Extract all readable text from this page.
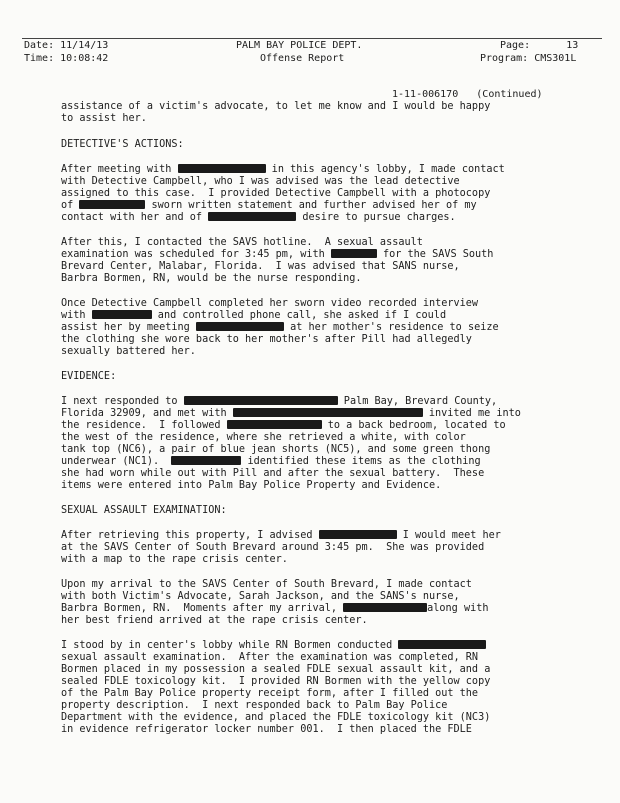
Date: 11/14/13
Time: 10:08:42
PALM BAY POLICE DEPT.
Offense Report
Page:	13
Program: CMS301L
1-11-006170   (Continued)
assistance of a victim's advocate, to let me know and I would be happy
to assist her.
DETECTIVE'S ACTIONS:
After meeting with	in this agency's lobby, I made contact
with Detective Campbell, who I was advised was the lead detective
assigned to this case.  I provided Detective Campbell with a photocopy
of	sworn written statement and further advised her of my
contact with her and of	desire to pursue charges.
After this, I contacted the SAVS hotline.  A sexual assault
examination was scheduled for 3:45 pm, with	for the SAVS South
Brevard Center, Malabar, Florida.  I was advised that SANS nurse,
Barbra Bormen, RN, would be the nurse responding.
Once Detective Campbell completed her sworn video recorded interview
with	and controlled phone call, she asked if I could
assist her by meeting	at her mother's residence to seize
the clothing she wore back to her mother's after Pill had allegedly
sexually battered her.
EVIDENCE:
I next responded to	Palm Bay, Brevard County,
Florida 32909, and met with	invited me into
the residence.  I followed	to a back bedroom, located to
the west of the residence, where she retrieved a white, with color
tank top (NC6), a pair of blue jean shorts (NC5), and some green thong
underwear (NC1).	identified these items as the clothing
she had worn while out with Pill and after the sexual battery.  These
items were entered into Palm Bay Police Property and Evidence.
SEXUAL ASSAULT EXAMINATION:
After retrieving this property, I advised	I would meet her
at the SAVS Center of South Brevard around 3:45 pm.  She was provided
with a map to the rape crisis center.
Upon my arrival to the SAVS Center of South Brevard, I made contact
with both Victim's Advocate, Sarah Jackson, and the SANS's nurse,
Barbra Bormen, RN.  Moments after my arrival,	along with
her best friend arrived at the rape crisis center.
I stood by in center's lobby while RN Bormen conducted
sexual assault examination.  After the examination was completed, RN
Bormen placed in my possession a sealed FDLE sexual assault kit, and a
sealed FDLE toxicology kit.  I provided RN Bormen with the yellow copy
of the Palm Bay Police property receipt form, after I filled out the
property description.  I next responded back to Palm Bay Police
Department with the evidence, and placed the FDLE toxicology kit (NC3)
in evidence refrigerator locker number 001.  I then placed the FDLE
